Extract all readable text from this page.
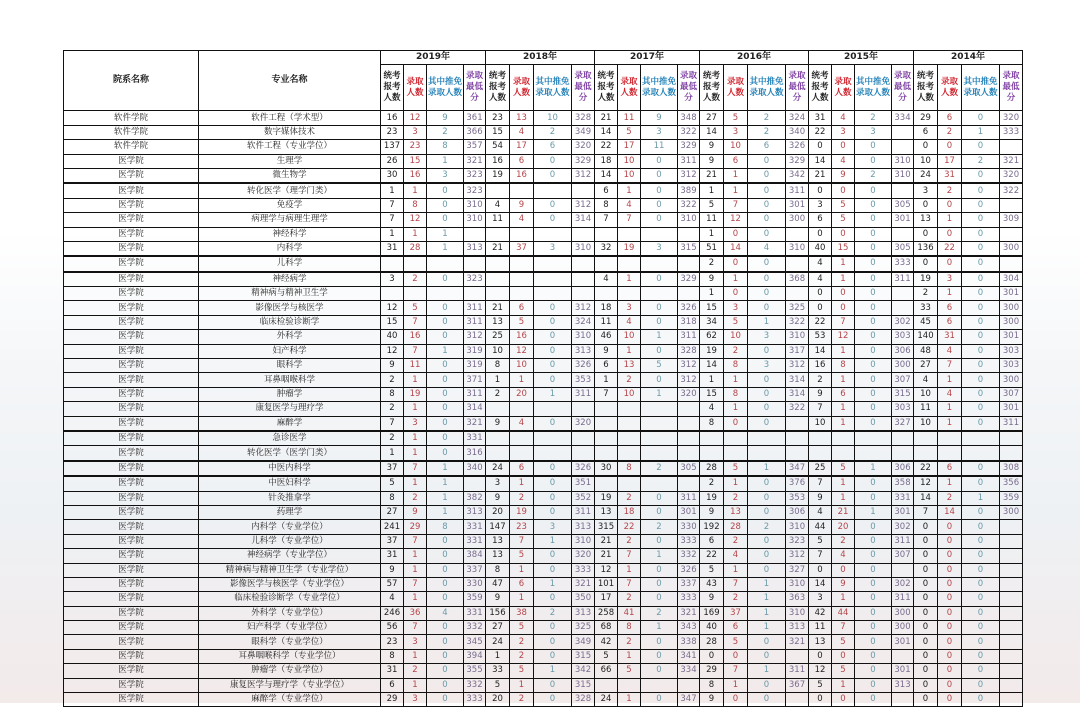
院系名称	专业名称	2019年				2018年				2017年				2016年				2015年				2014年			
		统考报考人数	录取人数	其中推免录取人数	录取最低分	统考报考人数	录取人数	其中推免录取人数	录取最低分	统考报考人数	录取人数	其中推免录取人数	录取最低分	统考报考人数	录取人数	其中推免录取人数	录取最低分	统考报考人数	录取人数	其中推免录取人数	录取最低分	统考报考人数	录取人数	其中推免录取人数	录取最低分
软件学院	软件工程（学术型）	16	12	9	361	23	13	10	328	21	11	9	348	27	5	2	324	31	4	2	334	29	6	0	320
软件学院	数字媒体技术	23	3	2	366	15	4	2	349	14	5	3	322	14	3	2	340	22	3	3		6	2	1	333
软件学院	软件工程（专业学位）	137	23	8	357	54	17	6	320	22	17	11	329	9	10	6	326	0	0	0		0	0	0	
医学院	生理学	26	15	1	321	16	6	0	329	18	10	0	311	9	6	0	329	14	4	0	310	10	17	2	321
医学院	微生物学	30	16	3	323	19	16	0	312	14	10	0	312	21	1	0	342	21	9	2	310	24	31	0	320
医学院	转化医学（理学门类）	1	1	0	323					6	1	0	389	1	1	0	311	0	0	0		3	2	0	322
医学院	免疫学	7	8	0	310	4	9	0	312	8	4	0	322	5	7	0	301	3	5	0	305	0	0	0	
医学院	病理学与病理生理学	7	12	0	310	11	4	0	314	7	7	0	310	11	12	0	300	6	5	0	301	13	1	0	309
医学院	神经科学	1	1	1										1	0	0		0	0	0		0	0	0	
医学院	内科学	31	28	1	313	21	37	3	310	32	19	3	315	51	14	4	310	40	15	0	305	136	22	0	300
医学院	儿科学													2	0	0		4	1	0	333	0	0	0	
医学院	神经病学	3	2	0	323					4	1	0	329	9	1	0	368	4	1	0	311	19	3	0	304
医学院	精神病与精神卫生学													1	0	0		0	0	0		2	1	0	301
医学院	影像医学与核医学	12	5	0	311	21	6	0	312	18	3	0	326	15	3	0	325	0	0	0		33	6	0	300
医学院	临床检验诊断学	15	7	0	311	13	5	0	324	11	4	0	318	34	5	1	322	22	7	0	302	45	6	0	300
医学院	外科学	40	16	0	312	25	16	0	310	46	10	1	311	62	10	3	310	53	12	0	303	140	31	0	301
医学院	妇产科学	12	7	1	319	10	12	0	313	9	1	0	328	19	2	0	317	14	1	0	306	48	4	0	303
医学院	眼科学	9	11	0	319	8	10	0	326	6	13	5	312	14	8	3	312	16	8	0	300	27	7	0	303
医学院	耳鼻咽喉科学	2	1	0	371	1	1	0	353	1	2	0	312	1	1	0	314	2	1	0	307	4	1	0	300
医学院	肿瘤学	8	19	0	311	2	20	1	311	7	10	1	320	15	8	0	314	9	6	0	315	10	4	0	307
医学院	康复医学与理疗学	2	1	0	314									4	1	0	322	7	1	0	303	11	1	0	301
医学院	麻醉学	7	3	0	321	9	4	0	320					8	0	0		10	1	0	327	10	1	0	311
医学院	急诊医学	2	1	0	331																				
医学院	转化医学（医学门类）	1	1	0	316																				
医学院	中医内科学	37	7	1	340	24	6	0	326	30	8	2	305	28	5	1	347	25	5	1	306	22	6	0	308
医学院	中医妇科学	5	1	1		3	1	0	351					2	1	0	376	7	1	0	358	12	1	0	356
医学院	针灸推拿学	8	2	1	382	9	2	0	352	19	2	0	311	19	2	0	353	9	1	0	331	14	2	1	359
医学院	药理学	27	9	1	313	20	19	0	311	13	18	0	301	9	13	0	306	4	21	1	301	7	14	0	300
医学院	内科学（专业学位）	241	29	8	331	147	23	3	313	315	22	2	330	192	28	2	310	44	20	0	302	0	0	0	
医学院	儿科学（专业学位）	37	7	0	331	13	7	1	310	21	2	0	333	6	2	0	323	5	2	0	311	0	0	0	
医学院	神经病学（专业学位）	31	1	0	384	13	5	0	320	21	7	1	332	22	4	0	312	7	4	0	307	0	0	0	
医学院	精神病与精神卫生学（专业学位）	9	1	0	337	8	1	0	333	12	1	0	326	5	1	0	327	0	0	0		0	0	0	
医学院	影像医学与核医学（专业学位）	57	7	0	330	47	6	1	321	101	7	0	337	43	7	1	310	14	9	0	302	0	0	0	
医学院	临床检验诊断学（专业学位）	4	1	0	359	9	1	0	350	17	2	0	333	9	2	1	363	3	1	0	311	0	0	0	
医学院	外科学（专业学位）	246	36	4	331	156	38	2	313	258	41	2	321	169	37	1	310	42	44	0	300	0	0	0	
医学院	妇产科学（专业学位）	56	7	0	332	27	5	0	325	68	8	1	343	40	6	1	313	11	7	0	300	0	0	0	
医学院	眼科学（专业学位）	23	3	0	345	24	2	0	349	42	2	0	338	28	5	0	321	13	5	0	301	0	0	0	
医学院	耳鼻咽喉科学（专业学位）	8	1	0	394	1	2	0	315	5	1	0	341	0	0	0		0	0	0		0	0	0	
医学院	肿瘤学（专业学位）	31	2	0	355	33	5	1	342	66	5	0	334	29	7	1	311	12	5	0	301	0	0	0	
医学院	康复医学与理疗学（专业学位）	6	1	0	332	5	1	0	315					8	1	0	367	5	1	0	313	0	0	0	
医学院	麻醉学（专业学位）	29	3	0	333	20	2	0	328	24	1	0	347	9	0	0		0	0	0		0	0	0	
